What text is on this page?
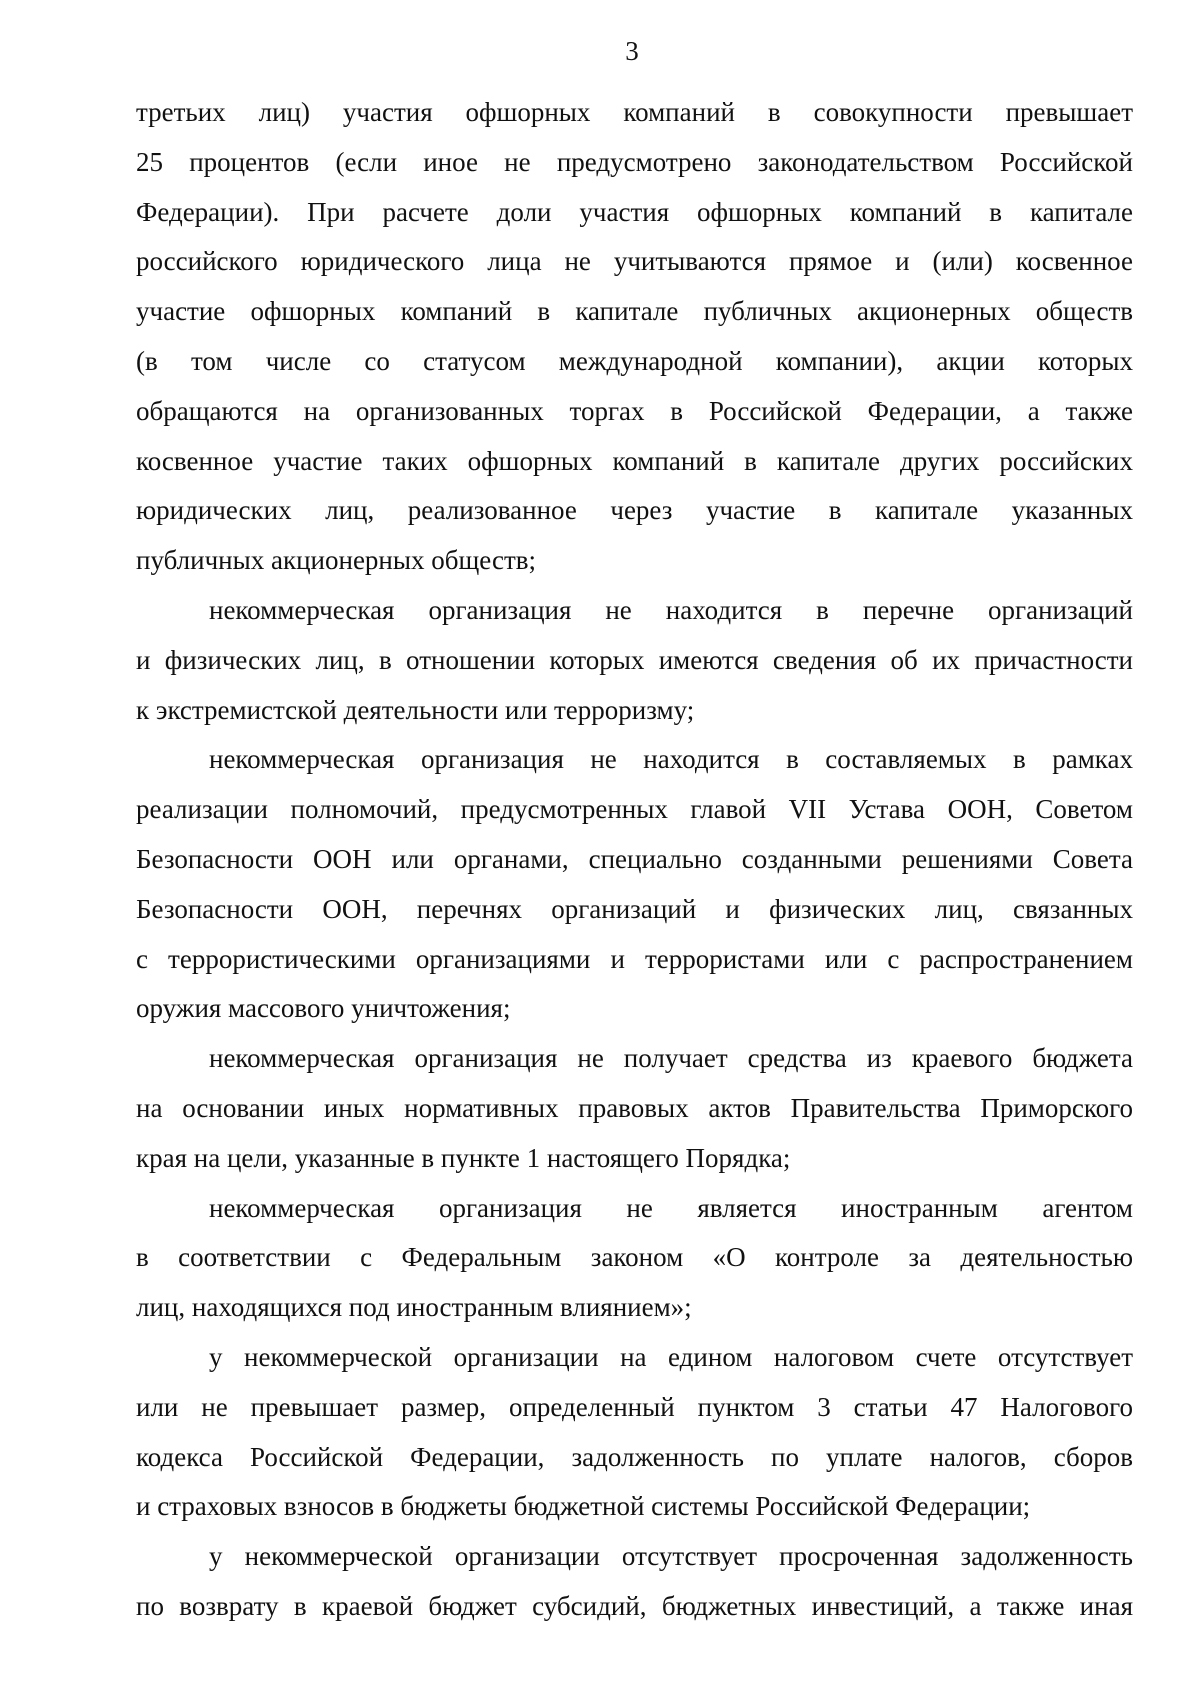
3
третьих лиц) участия офшорных компаний в совокупности превышает
25 процентов (если иное не предусмотрено законодательством Российской
Федерации). При расчете доли участия офшорных компаний в капитале
российского юридического лица не учитываются прямое и (или) косвенное
участие офшорных компаний в капитале публичных акционерных обществ
(в том числе со статусом международной компании), акции которых
обращаются на организованных торгах в Российской Федерации, а также
косвенное участие таких офшорных компаний в капитале других российских
юридических лиц, реализованное через участие в капитале указанных
публичных акционерных обществ;
некоммерческая организация не находится в перечне организаций
и физических лиц, в отношении которых имеются сведения об их причастности
к экстремистской деятельности или терроризму;
некоммерческая организация не находится в составляемых в рамках
реализации полномочий, предусмотренных главой VII Устава ООН, Советом
Безопасности ООН или органами, специально созданными решениями Совета
Безопасности ООН, перечнях организаций и физических лиц, связанных
с террористическими организациями и террористами или с распространением
оружия массового уничтожения;
некоммерческая организация не получает средства из краевого бюджета
на основании иных нормативных правовых актов Правительства Приморского
края на цели, указанные в пункте 1 настоящего Порядка;
некоммерческая организация не является иностранным агентом
в соответствии с Федеральным законом «О контроле за деятельностью
лиц, находящихся под иностранным влиянием»;
у некоммерческой организации на едином налоговом счете отсутствует
или не превышает размер, определенный пунктом 3 статьи 47 Налогового
кодекса Российской Федерации, задолженность по уплате налогов, сборов
и страховых взносов в бюджеты бюджетной системы Российской Федерации;
у некоммерческой организации отсутствует просроченная задолженность
по возврату в краевой бюджет субсидий, бюджетных инвестиций, а также иная
